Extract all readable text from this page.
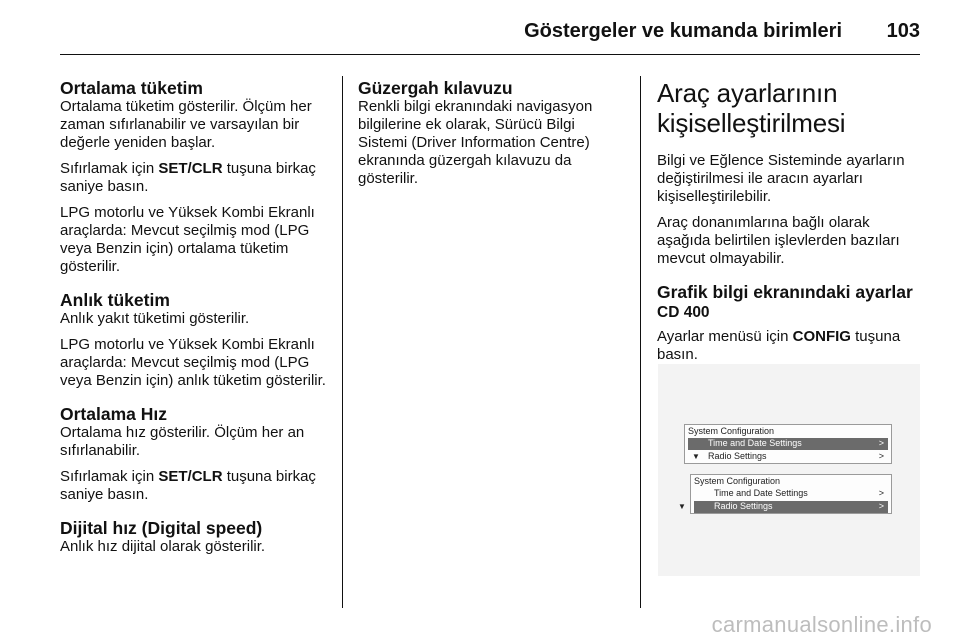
Göstergeler ve kumanda birimleri 103
Ortalama tüketim

Ortalama tüketim gösterilir. Ölçüm her zaman sıfırlanabilir ve varsayılan bir değerle yeniden başlar.

Sıfırlamak için SET/CLR tuşuna birkaç saniye basın.

LPG motorlu ve Yüksek Kombi Ekranlı araçlarda: Mevcut seçilmiş mod (LPG veya Benzin için) ortalama tüketim gösterilir.

Anlık tüketim

Anlık yakıt tüketimi gösterilir.

LPG motorlu ve Yüksek Kombi Ekranlı araçlarda: Mevcut seçilmiş mod (LPG veya Benzin için) anlık tüketim gösterilir.

Ortalama Hız

Ortalama hız gösterilir. Ölçüm her an sıfırlanabilir.

Sıfırlamak için SET/CLR tuşuna birkaç saniye basın.

Dijital hız (Digital speed)

Anlık hız dijital olarak gösterilir.

Güzergah kılavuzu

Renkli bilgi ekranındaki navigasyon bilgilerine ek olarak, Sürücü Bilgi Sistemi (Driver Information Centre) ekranında güzergah kılavuzu da gösterilir.

Araç ayarlarının kişiselleştirilmesi

Bilgi ve Eğlence Sisteminde ayarların değiştirilmesi ile aracın ayarları kişiselleştirilebilir.

Araç donanımlarına bağlı olarak aşağıda belirtilen işlevlerden bazıları mevcut olmayabilir.

Grafik bilgi ekranındaki ayarlar
CD 400

Ayarlar menüsü için CONFIG tuşuna basın.

System Configuration
Time and Date Settings	>
▼ Radio Settings	>
System Configuration
Time and Date Settings	>
▼	Radio Settings	>
carmanualsonline.info
